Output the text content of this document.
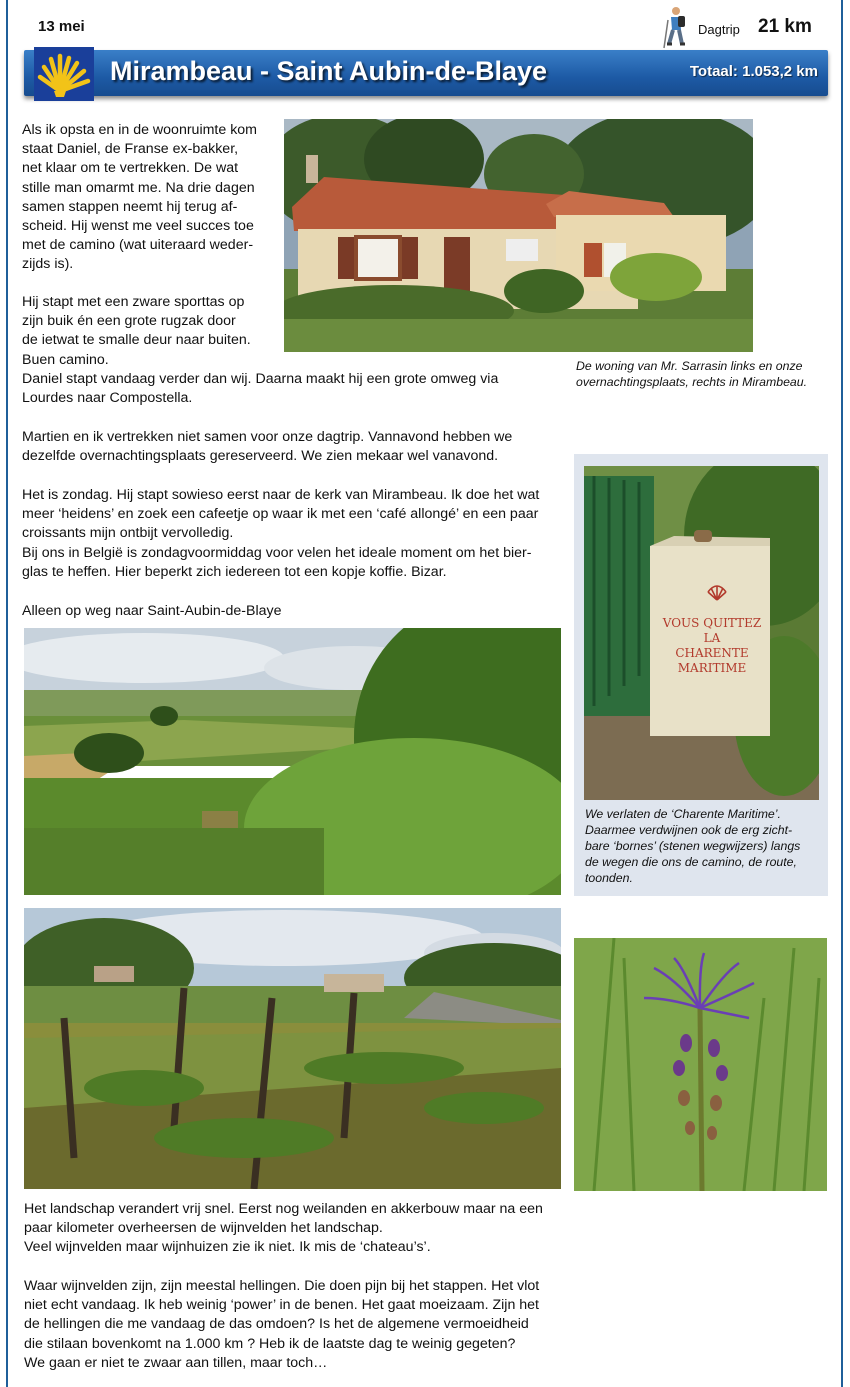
13 mei	Dagtrip 21 km
Mirambeau - Saint Aubin-de-Blaye	Totaal: 1.053,2 km

Als ik opsta en in de woonruimte kom

staat Daniel, de Franse ex-bakker,

net klaar om te vertrekken. De wat

stille man omarmt me. Na drie dagen

samen stappen neemt hij terug af-

scheid. Hij wenst me veel succes toe

met de camino (wat uiteraard weder-

zijds is).

Hij stapt met een zware sporttas op

zijn buik én een grote rugzak door

de ietwat te smalle deur naar buiten.

Buen camino.

Daniel stapt vandaag verder dan wij. Daarna maakt hij een grote omweg via

Lourdes naar Compostella.

Martien en ik vertrekken niet samen voor onze dagtrip. Vannavond hebben we

dezelfde overnachtingsplaats gereserveerd. We zien mekaar wel vanavond.

Het is zondag. Hij stapt sowieso eerst naar de kerk van Mirambeau. Ik doe het wat

meer ‘heidens’ en zoek een cafeetje op waar ik met een ‘café allongé’ en een paar

croissants mijn ontbijt vervolledig.

Bij ons in België is zondagvoormiddag voor velen het ideale moment om het bier-

glas te heffen. Hier beperkt zich iedereen tot een kopje koffie. Bizar.

Alleen op weg naar Saint-Aubin-de-Blaye

De woning van Mr. Sarrasin links en onze

overnachtingsplaats, rechts in Mirambeau.

VOUS QUITTEZ
LA
CHARENTE
MARITIME

We verlaten de ‘Charente Maritime’.

Daarmee verdwijnen ook de erg zicht-

bare ‘bornes’ (stenen wegwijzers) langs

de wegen die ons de camino, de route,

toonden.

Het landschap verandert vrij snel. Eerst nog weilanden en akkerbouw maar na een

paar kilometer overheersen de wijnvelden het landschap.

Veel wijnvelden maar wijnhuizen zie ik niet. Ik mis de ‘chateau’s’.

Waar wijnvelden zijn, zijn meestal hellingen. Die doen pijn bij het stappen. Het vlot

niet echt vandaag. Ik heb weinig ‘power’ in de benen. Het gaat moeizaam. Zijn het

de hellingen die me vandaag de das omdoen? Is het de algemene vermoeidheid

die stilaan bovenkomt na 1.000 km ? Heb ik de laatste dag te weinig gegeten?

We gaan er niet te zwaar aan tillen, maar toch…
